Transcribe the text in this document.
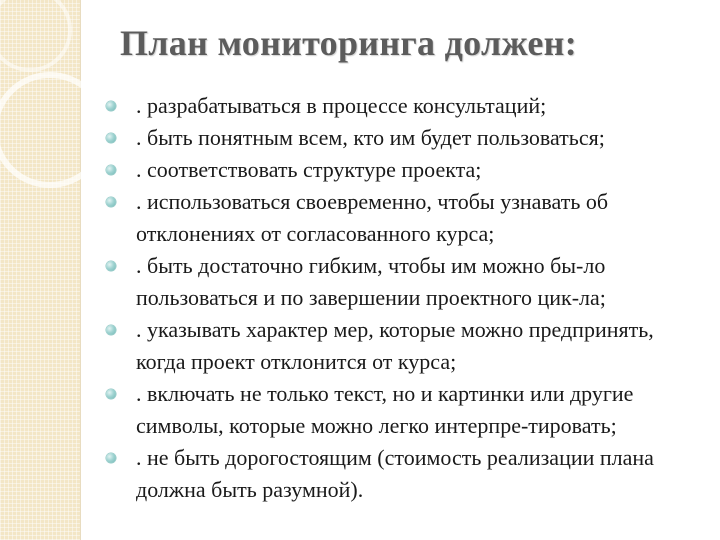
План мониторинга должен:
. разрабатываться в процессе консультаций;
. быть понятным всем, кто им будет пользоваться;
. соответствовать структуре проекта;
. использоваться своевременно, чтобы узнавать об отклонениях от согласованного курса;
. быть достаточно гибким, чтобы им можно бы-ло пользоваться и по завершении проектного цик-ла;
. указывать характер мер, которые можно предпринять, когда проект отклонится от курса;
. включать не только текст, но и картинки или другие символы, которые можно легко интерпре-тировать;
. не быть дорогостоящим (стоимость реализации плана должна быть разумной).
